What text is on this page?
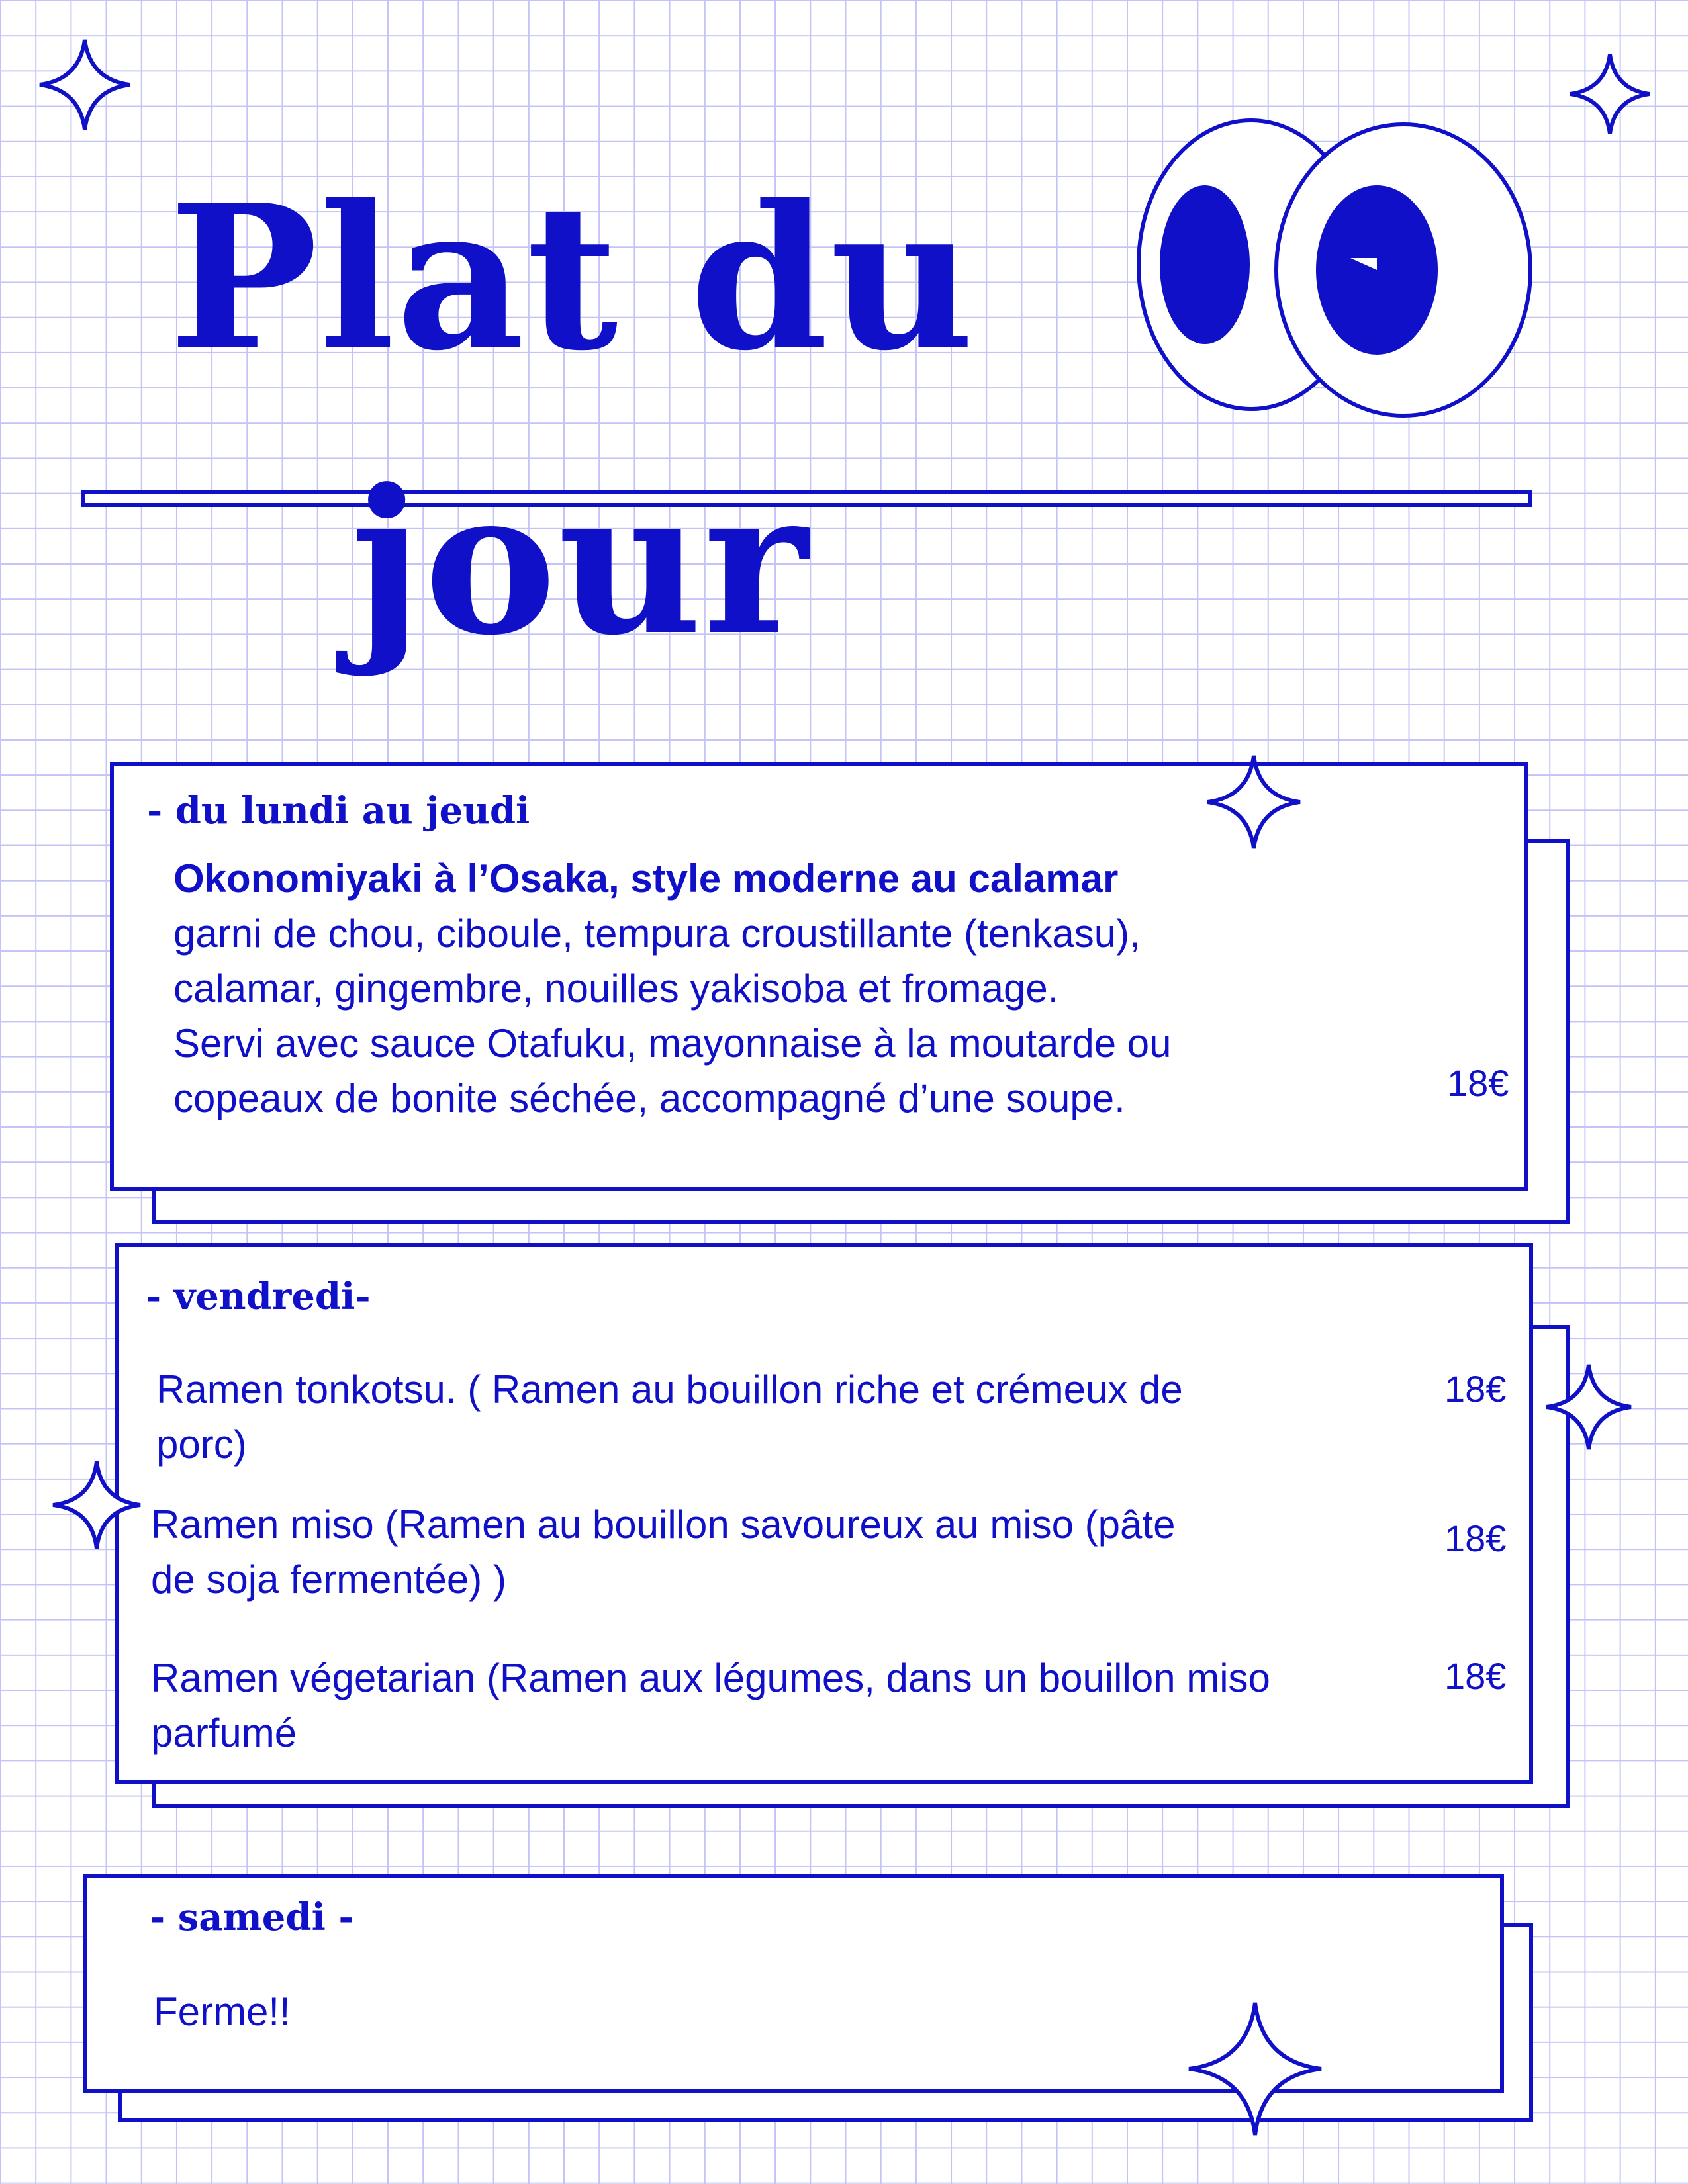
Plat du
jour
- du lundi au jeudi
Okonomiyaki à l’Osaka, style moderne au calamar
garni de chou, ciboule, tempura croustillante (tenkasu),
calamar, gingembre, nouilles yakisoba et fromage.
Servi avec sauce Otafuku, mayonnaise à la moutarde ou
copeaux de bonite séchée, accompagné d’une soupe.	18€
- vendredi-
Ramen tonkotsu. ( Ramen au bouillon riche et crémeux de
porc)
18€
Ramen miso (Ramen au bouillon savoureux au miso (pâte
de soja fermentée) )
18€
Ramen végetarian (Ramen aux légumes, dans un bouillon miso
parfumé
18€
- samedi -
Ferme!!
